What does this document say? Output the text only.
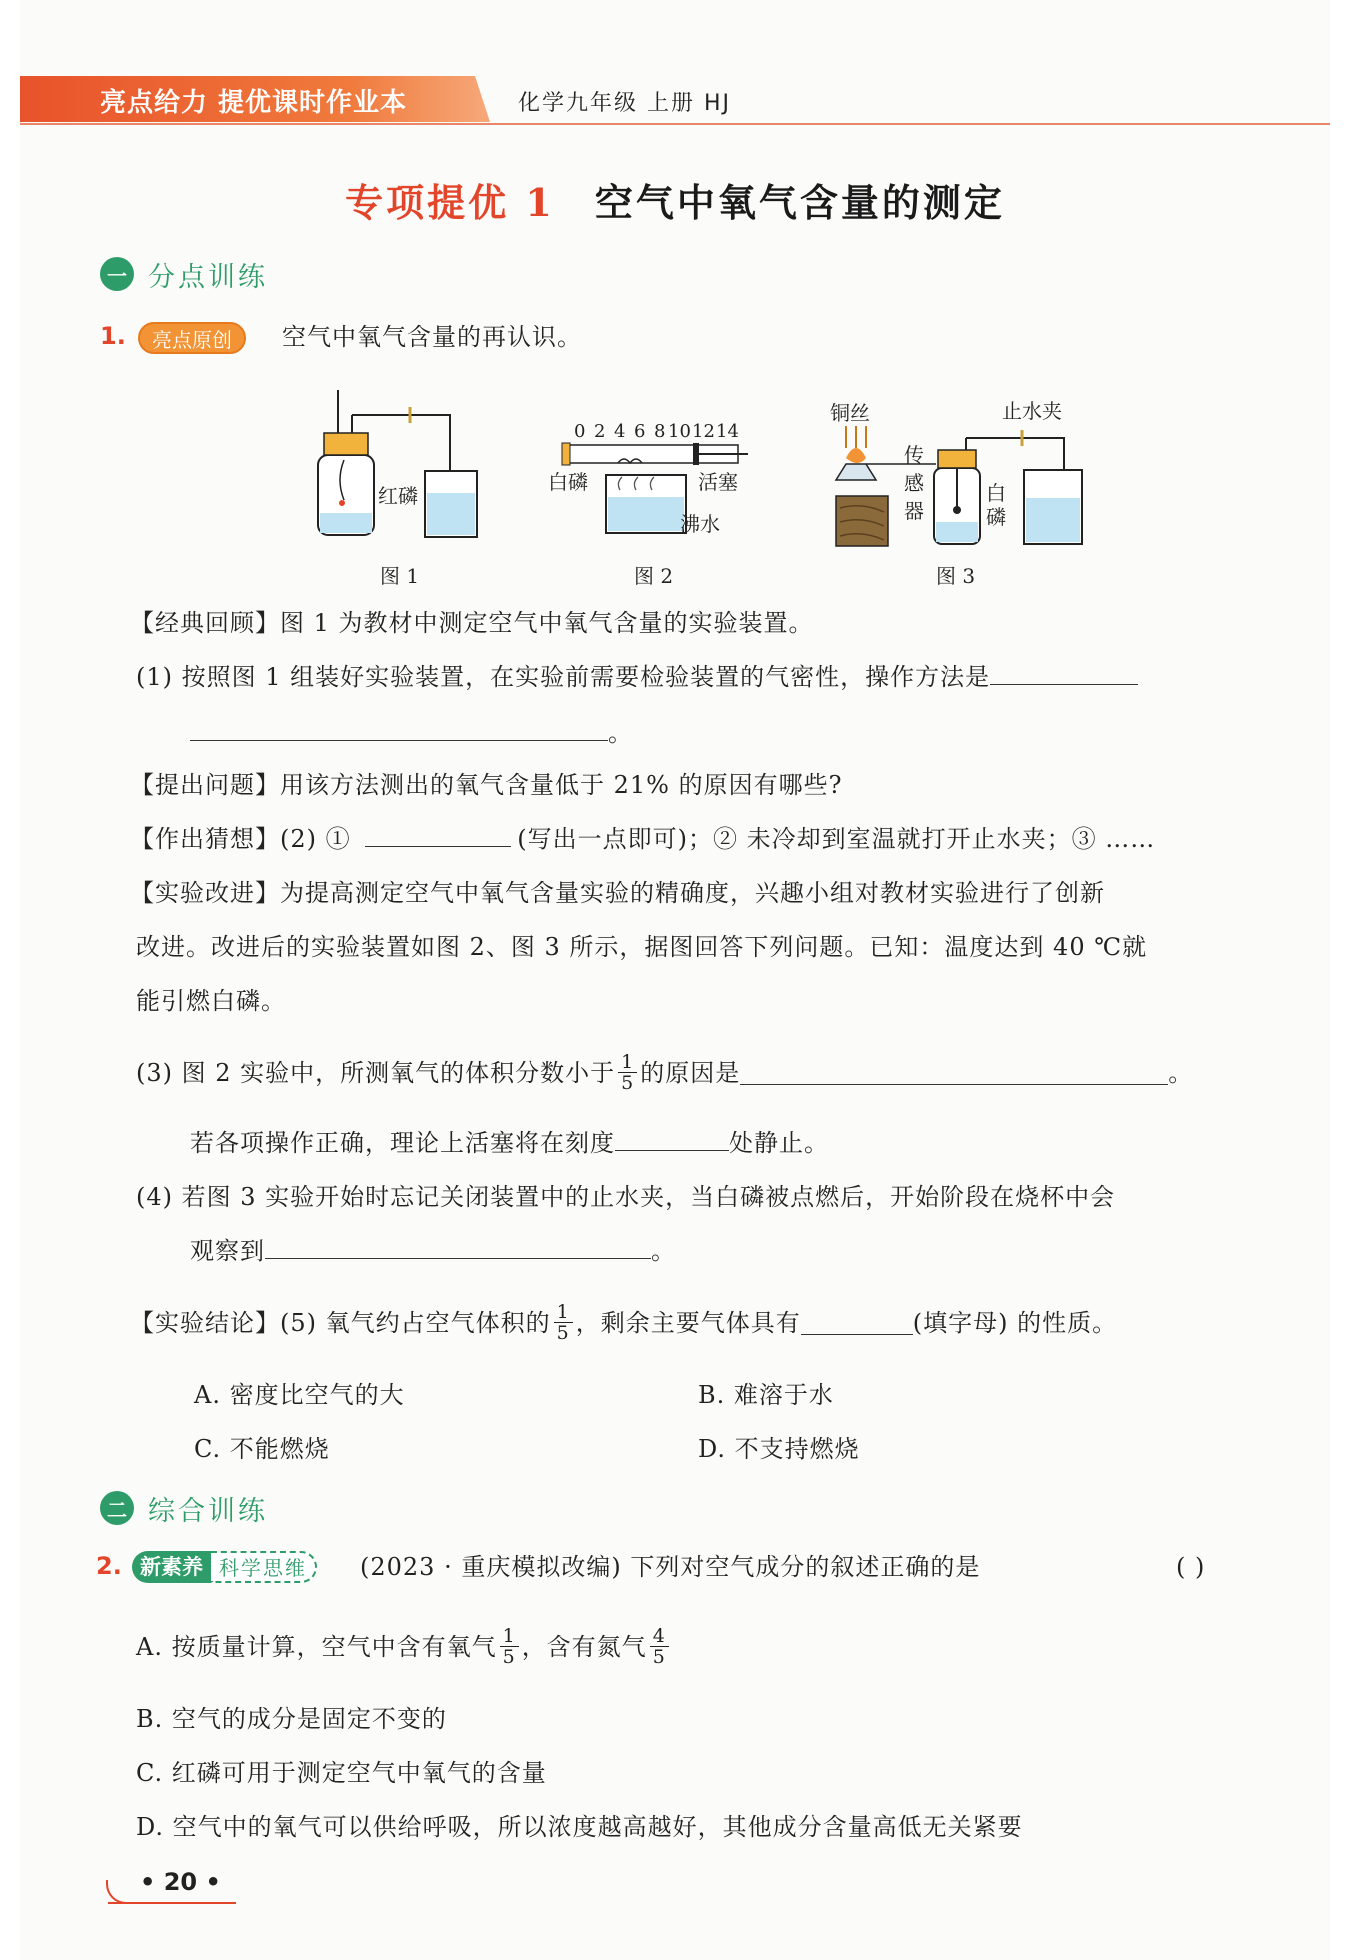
亮点给力 提优课时作业本	化学九年级 上册 HJ
专项提优 1 空气中氧气含量的测定
一 分点训练
1.	亮点原创	空气中氧气含量的再认识。
红磷
图 1
0 2 4 6 8 10 12 14
白磷	活塞
沸水
图 2
铜丝	止水夹
传
感
器
白
磷
图 3
【经典回顾】图 1 为教材中测定空气中氧气含量的实验装置。
(1) 按照图 1 组装好实验装置，在实验前需要检验装置的气密性，操作方法是
。
【提出问题】用该方法测出的氧气含量低于 21% 的原因有哪些?
【作出猜想】(2) ①	(写出一点即可)；② 未冷却到室温就打开止水夹；③ ……
【实验改进】为提高测定空气中氧气含量实验的精确度，兴趣小组对教材实验进行了创新
改进。改进后的实验装置如图 2、图 3 所示，据图回答下列问题。已知：温度达到 40 ℃就
能引燃白磷。
(3) 图 2 实验中，所测氧气的体积分数小于 $\frac{1}{5}$ 的原因是	。
若各项操作正确，理论上活塞将在刻度	处静止。
(4) 若图 3 实验开始时忘记关闭装置中的止水夹，当白磷被点燃后，开始阶段在烧杯中会
观察到	。
【实验结论】(5) 氧气约占空气体积的 $\frac{1}{5}$ ，剩余主要气体具有	(填字母) 的性质。
A. 密度比空气的大	B. 难溶于水
C. 不能燃烧	D. 不支持燃烧
二 综合训练
2. 新素养 科学思维	(2023 · 重庆模拟改编) 下列对空气成分的叙述正确的是	( )
A. 按质量计算，空气中含有氧气 $\frac{1}{5}$ ，含有氮气 $\frac{4}{5}$
B. 空气的成分是固定不变的
C. 红磷可用于测定空气中氧气的含量
D. 空气中的氧气可以供给呼吸，所以浓度越高越好，其他成分含量高低无关紧要
• 20 •
